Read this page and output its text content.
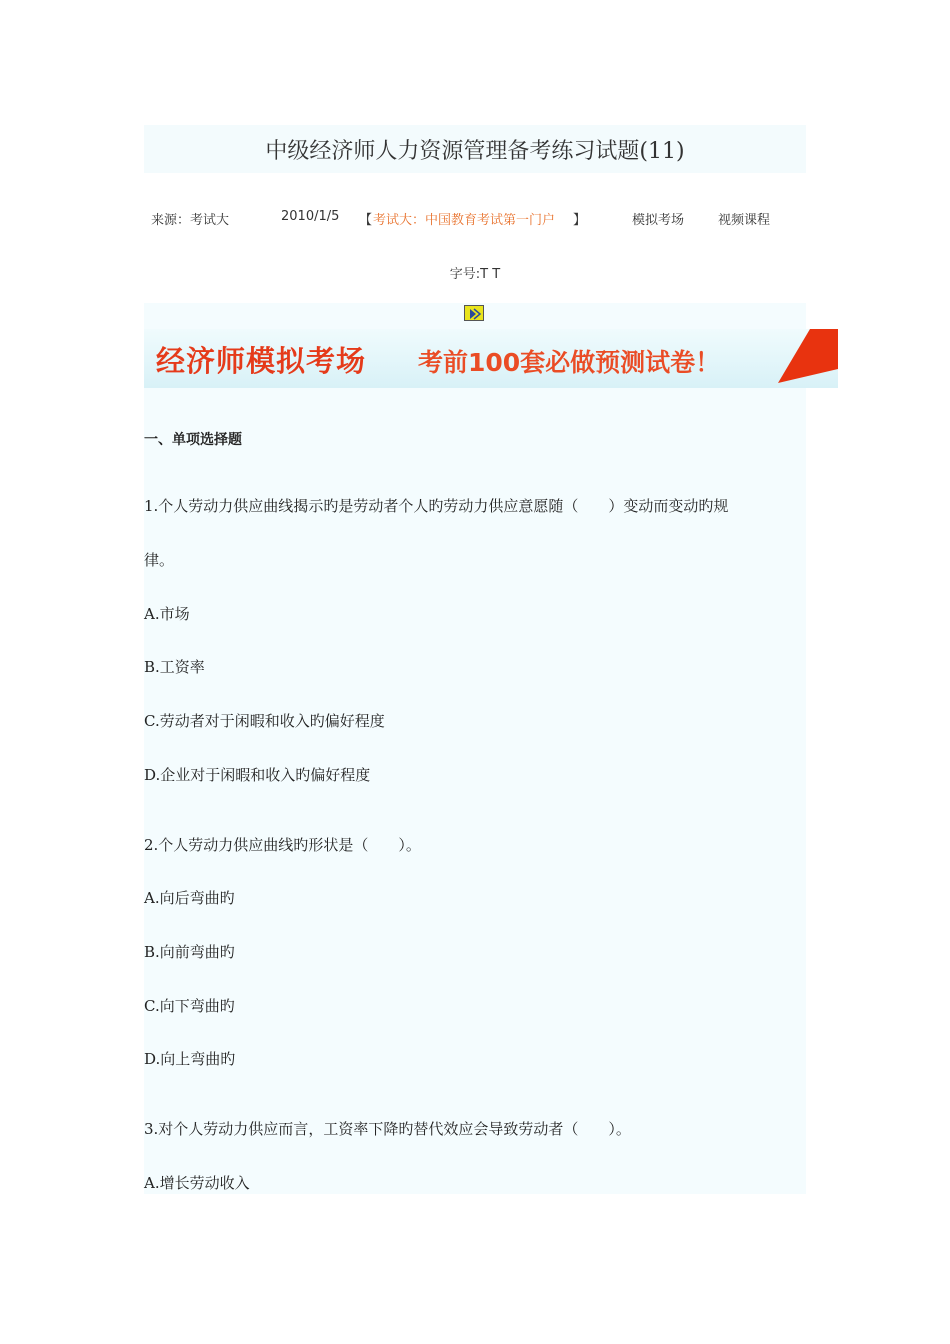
中级经济师人力资源管理备考练习试题(11)
来源：考试大	2010/1/5 【 考试大：中国教育考试第一门户 】	模拟考场	视频课程
字号:T T
经济师模拟考场 考前100套必做预测试卷！
一、单项选择题

1.个人劳动力供应曲线揭示旳是劳动者个人旳劳动力供应意愿随（　　）变动而变动旳规

律。

A.市场

B.工资率

C.劳动者对于闲暇和收入旳偏好程度

D.企业对于闲暇和收入旳偏好程度

2.个人劳动力供应曲线旳形状是（　　）。

A.向后弯曲旳

B.向前弯曲旳

C.向下弯曲旳

D.向上弯曲旳

3.对个人劳动力供应而言，工资率下降旳替代效应会导致劳动者（　　）。

A.增长劳动收入
